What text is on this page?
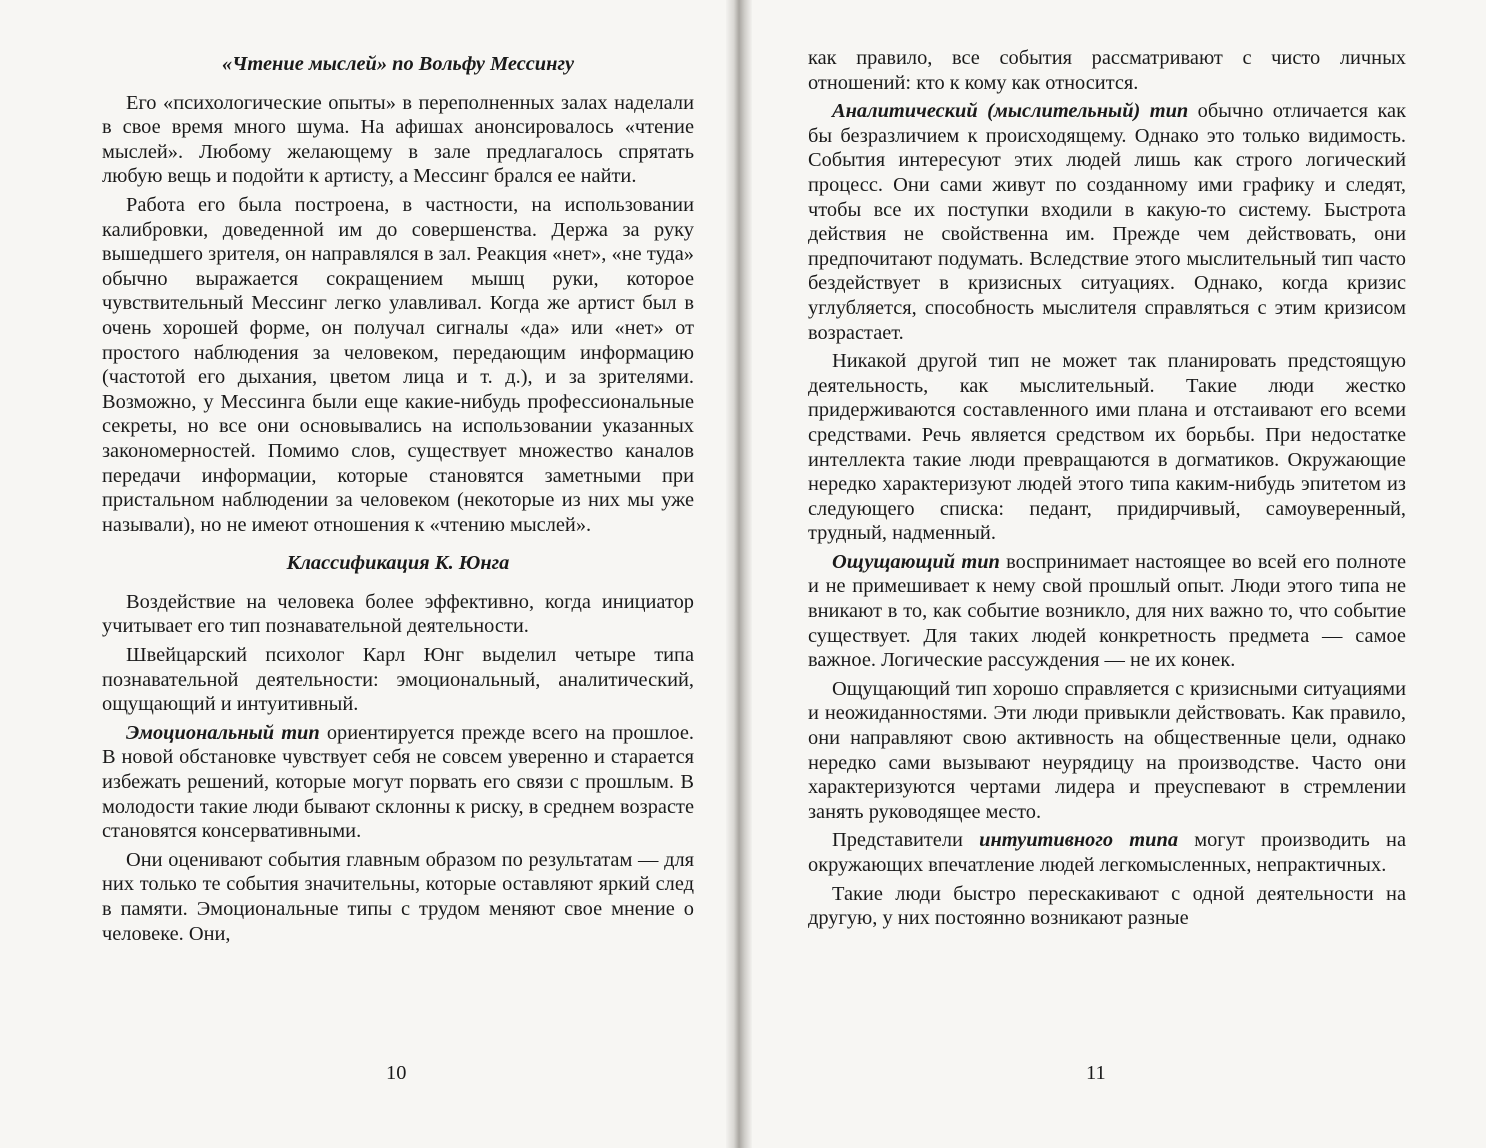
«Чтение мыслей» по Вольфу Мессингу

Его «психологические опыты» в переполненных залах наделали в свое время много шума. На афишах анонсировалось «чтение мыслей». Любому желающему в зале предлагалось спрятать любую вещь и подойти к артисту, а Мессинг брался ее найти.

Работа его была построена, в частности, на использовании калибровки, доведенной им до совершенства. Держа за руку вышедшего зрителя, он направлялся в зал. Реакция «нет», «не туда» обычно выражается сокращением мышц руки, которое чувствительный Мессинг легко улавливал. Когда же артист был в очень хорошей форме, он получал сигналы «да» или «нет» от простого наблюдения за человеком, передающим информацию (частотой его дыхания, цветом лица и т. д.), и за зрителями. Возможно, у Мессинга были еще какие-нибудь профессиональные секреты, но все они основывались на использовании указанных закономерностей. Помимо слов, существует множество каналов передачи информации, которые становятся заметными при пристальном наблюдении за человеком (некоторые из них мы уже называли), но не имеют отношения к «чтению мыслей».

Классификация К. Юнга

Воздействие на человека более эффективно, когда инициатор учитывает его тип познавательной деятельности.

Швейцарский психолог Карл Юнг выделил четыре типа познавательной деятельности: эмоциональный, аналитический, ощущающий и интуитивный.

Эмоциональный тип ориентируется прежде всего на прошлое. В новой обстановке чувствует себя не совсем уверенно и старается избежать решений, которые могут порвать его связи с прошлым. В молодости такие люди бывают склонны к риску, в среднем возрасте становятся консервативными.

Они оценивают события главным образом по результатам — для них только те события значительны, которые оставляют яркий след в памяти. Эмоциональные типы с трудом меняют свое мнение о человеке. Они,

10

как правило, все события рассматривают с чисто личных отношений: кто к кому как относится.

Аналитический (мыслительный) тип обычно отличается как бы безразличием к происходящему. Однако это только видимость. События интересуют этих людей лишь как строго логический процесс. Они сами живут по созданному ими графику и следят, чтобы все их поступки входили в какую-то систему. Быстрота действия не свойственна им. Прежде чем действовать, они предпочитают подумать. Вследствие этого мыслительный тип часто бездействует в кризисных ситуациях. Однако, когда кризис углубляется, способность мыслителя справляться с этим кризисом возрастает.

Никакой другой тип не может так планировать предстоящую деятельность, как мыслительный. Такие люди жестко придерживаются составленного ими плана и отстаивают его всеми средствами. Речь является средством их борьбы. При недостатке интеллекта такие люди превращаются в догматиков. Окружающие нередко характеризуют людей этого типа каким-нибудь эпитетом из следующего списка: педант, придирчивый, самоуверенный, трудный, надменный.

Ощущающий тип воспринимает настоящее во всей его полноте и не примешивает к нему свой прошлый опыт. Люди этого типа не вникают в то, как событие возникло, для них важно то, что событие существует. Для таких людей конкретность предмета — самое важное. Логические рассуждения — не их конек.

Ощущающий тип хорошо справляется с кризисными ситуациями и неожиданностями. Эти люди привыкли действовать. Как правило, они направляют свою активность на общественные цели, однако нередко сами вызывают неурядицу на производстве. Часто они характеризуются чертами лидера и преуспевают в стремлении занять руководящее место.

Представители интуитивного типа могут производить на окружающих впечатление людей легкомысленных, непрактичных.

Такие люди быстро перескакивают с одной деятельности на другую, у них постоянно возникают разные

11
